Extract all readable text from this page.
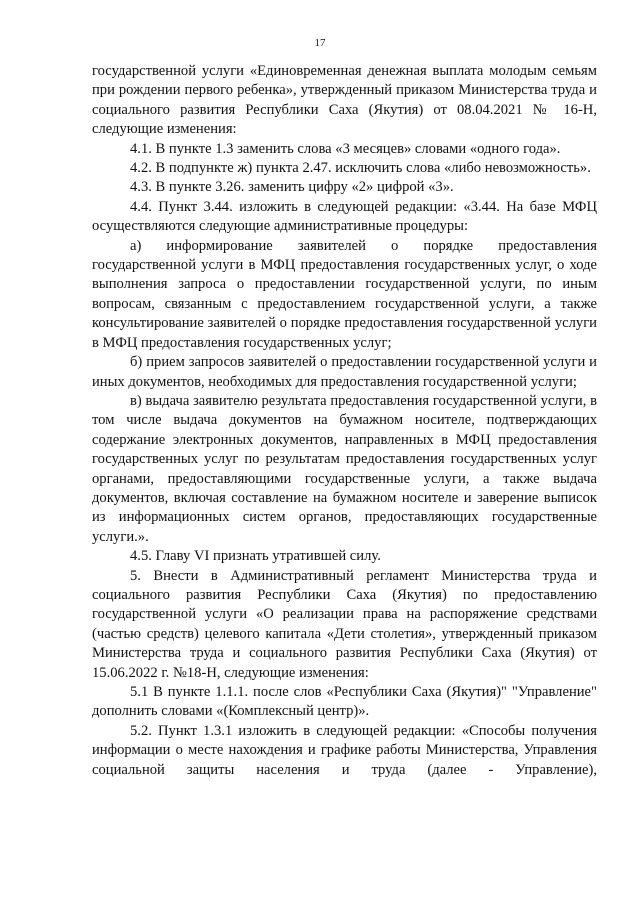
17

государственной услуги «Единовременная денежная выплата молодым семьям при рождении первого ребенка», утвержденный приказом Министерства труда и социального развития Республики Саха (Якутия) от 08.04.2021 № 16-Н, следующие изменения:

4.1. В пункте 1.3 заменить слова «3 месяцев» словами «одного года».

4.2. В подпункте ж) пункта 2.47. исключить слова «либо невозможность».

4.3. В пункте 3.26. заменить цифру «2» цифрой «3».

4.4. Пункт 3.44. изложить в следующей редакции: «3.44. На базе МФЦ осуществляются следующие административные процедуры:

а) информирование заявителей о порядке предоставления государственной услуги в МФЦ предоставления государственных услуг, о ходе выполнения запроса о предоставлении государственной услуги, по иным вопросам, связанным с предоставлением государственной услуги, а также консультирование заявителей о порядке предоставления государственной услуги в МФЦ предоставления государственных услуг;

б) прием запросов заявителей о предоставлении государственной услуги и иных документов, необходимых для предоставления государственной услуги;

в) выдача заявителю результата предоставления государственной услуги, в том числе выдача документов на бумажном носителе, подтверждающих содержание электронных документов, направленных в МФЦ предоставления государственных услуг по результатам предоставления государственных услуг органами, предоставляющими государственные услуги, а также выдача документов, включая составление на бумажном носителе и заверение выписок из информационных систем органов, предоставляющих государственные услуги.».

4.5. Главу VI признать утратившей силу.

5. Внести в Административный регламент Министерства труда и социального развития Республики Саха (Якутия) по предоставлению государственной услуги «О реализации права на распоряжение средствами (частью средств) целевого капитала «Дети столетия», утвержденный приказом Министерства труда и социального развития Республики Саха (Якутия) от 15.06.2022 г. №18-Н, следующие изменения:

5.1 В пункте 1.1.1. после слов «Республики Саха (Якутия)" "Управление" дополнить словами «(Комплексный центр)».

5.2. Пункт 1.3.1 изложить в следующей редакции: «Способы получения информации о месте нахождения и графике работы Министерства, Управления социальной защиты населения и труда (далее - Управление),
